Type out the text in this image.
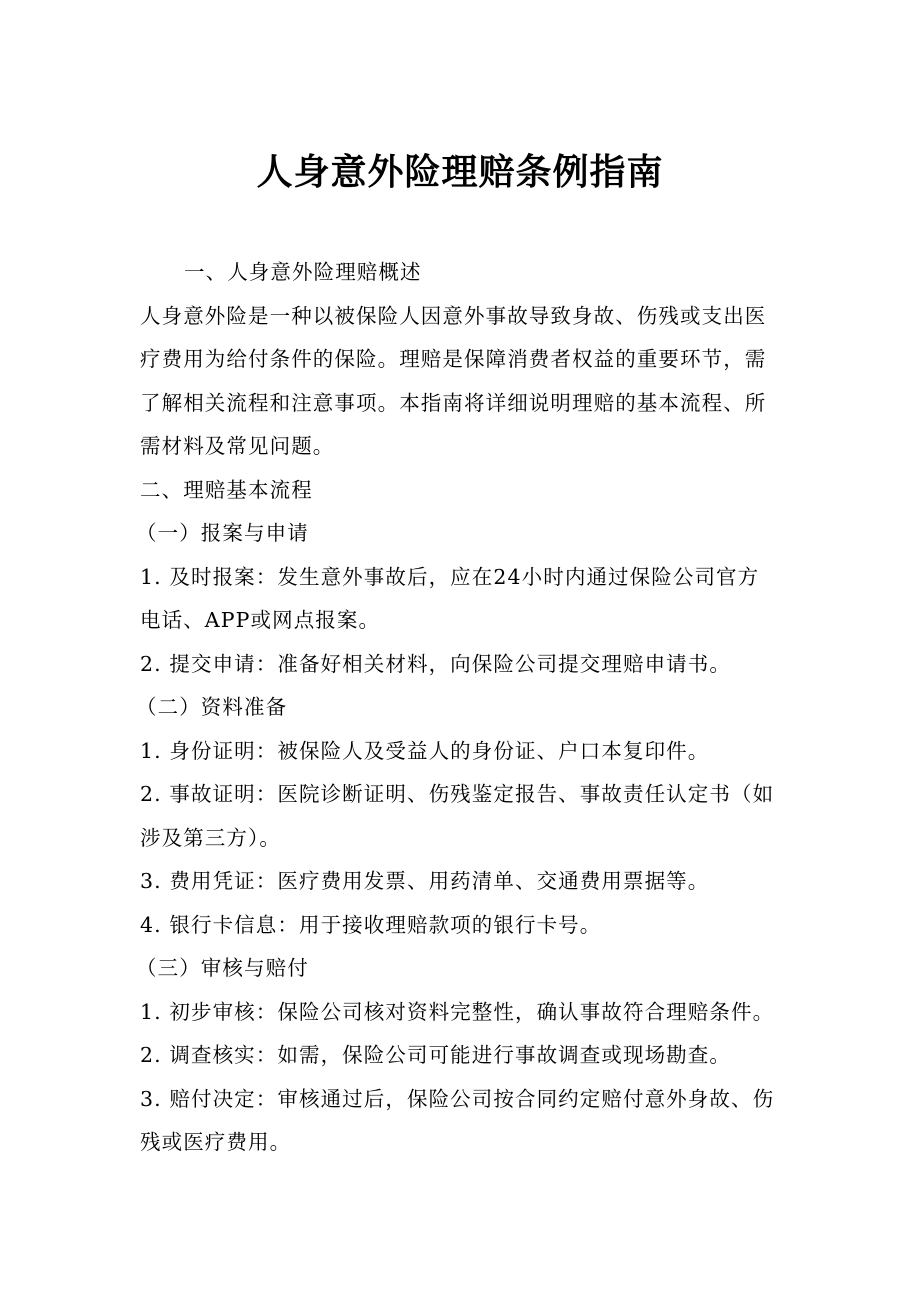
人身意外险理赔条例指南
一、人身意外险理赔概述
人身意外险是一种以被保险人因意外事故导致身故、伤残或支出医
疗费用为给付条件的保险。理赔是保障消费者权益的重要环节，需
了解相关流程和注意事项。本指南将详细说明理赔的基本流程、所
需材料及常见问题。
二、理赔基本流程
（一）报案与申请
1. 及时报案：发生意外事故后，应在24小时内通过保险公司官方
电话、APP或网点报案。
2. 提交申请：准备好相关材料，向保险公司提交理赔申请书。
（二）资料准备
1. 身份证明：被保险人及受益人的身份证、户口本复印件。
2. 事故证明：医院诊断证明、伤残鉴定报告、事故责任认定书（如
涉及第三方）。
3. 费用凭证：医疗费用发票、用药清单、交通费用票据等。
4. 银行卡信息：用于接收理赔款项的银行卡号。
（三）审核与赔付
1. 初步审核：保险公司核对资料完整性，确认事故符合理赔条件。
2. 调查核实：如需，保险公司可能进行事故调查或现场勘查。
3. 赔付决定：审核通过后，保险公司按合同约定赔付意外身故、伤
残或医疗费用。
